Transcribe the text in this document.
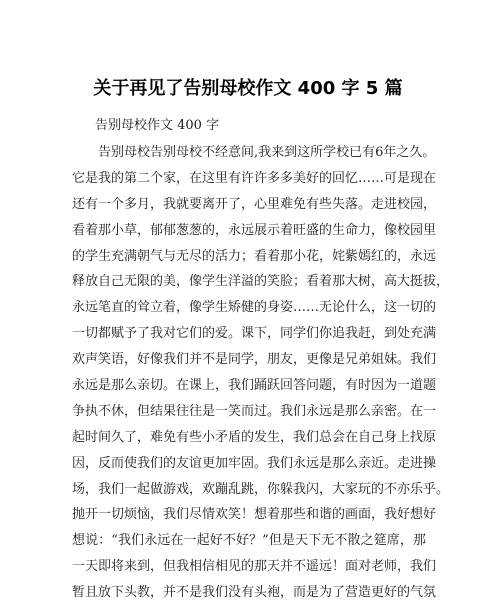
关于再见了告别母校作文 400 字 5 篇

告别母校作文 400 字

告别母校告别母校不经意间,我来到这所学校已有6年之久。
它是我的第二个家，在这里有许许多多美好的回忆……可是现在
还有一个多月，我就要离开了，心里难免有些失落。走进校园，
看着那小草，郁郁葱葱的，永远展示着旺盛的生命力，像校园里
的学生充满朝气与无尽的活力；看着那小花，姹紫嫣红的，永远
释放自己无限的美，像学生洋溢的笑脸；看着那大树，高大挺拔，
永远笔直的耸立着，像学生矫健的身姿……无论什么，这一切的
一切都赋予了我对它们的爱。课下，同学们你追我赶，到处充满
欢声笑语，好像我们并不是同学，朋友，更像是兄弟姐妹。我们
永远是那么亲切。在课上，我们踊跃回答问题，有时因为一道题
争执不休，但结果往往是一笑而过。我们永远是那么亲密。在一
起时间久了，难免有些小矛盾的发生，我们总会在自己身上找原
因，反而使我们的友谊更加牢固。我们永远是那么亲近。走进操
场，我们一起做游戏，欢蹦乱跳，你躲我闪，大家玩的不亦乐乎。
抛开一切烦恼，我们尽情欢笑！想着那些和谐的画面，我好想好
想说：“我们永远在一起好不好？”但是天下无不散之筵席，那
一天即将来到，但我相信相见的那天并不遥远！面对老师，我们
暂且放下头教，并不是我们没有头袍，而是为了营造更好的气氛
